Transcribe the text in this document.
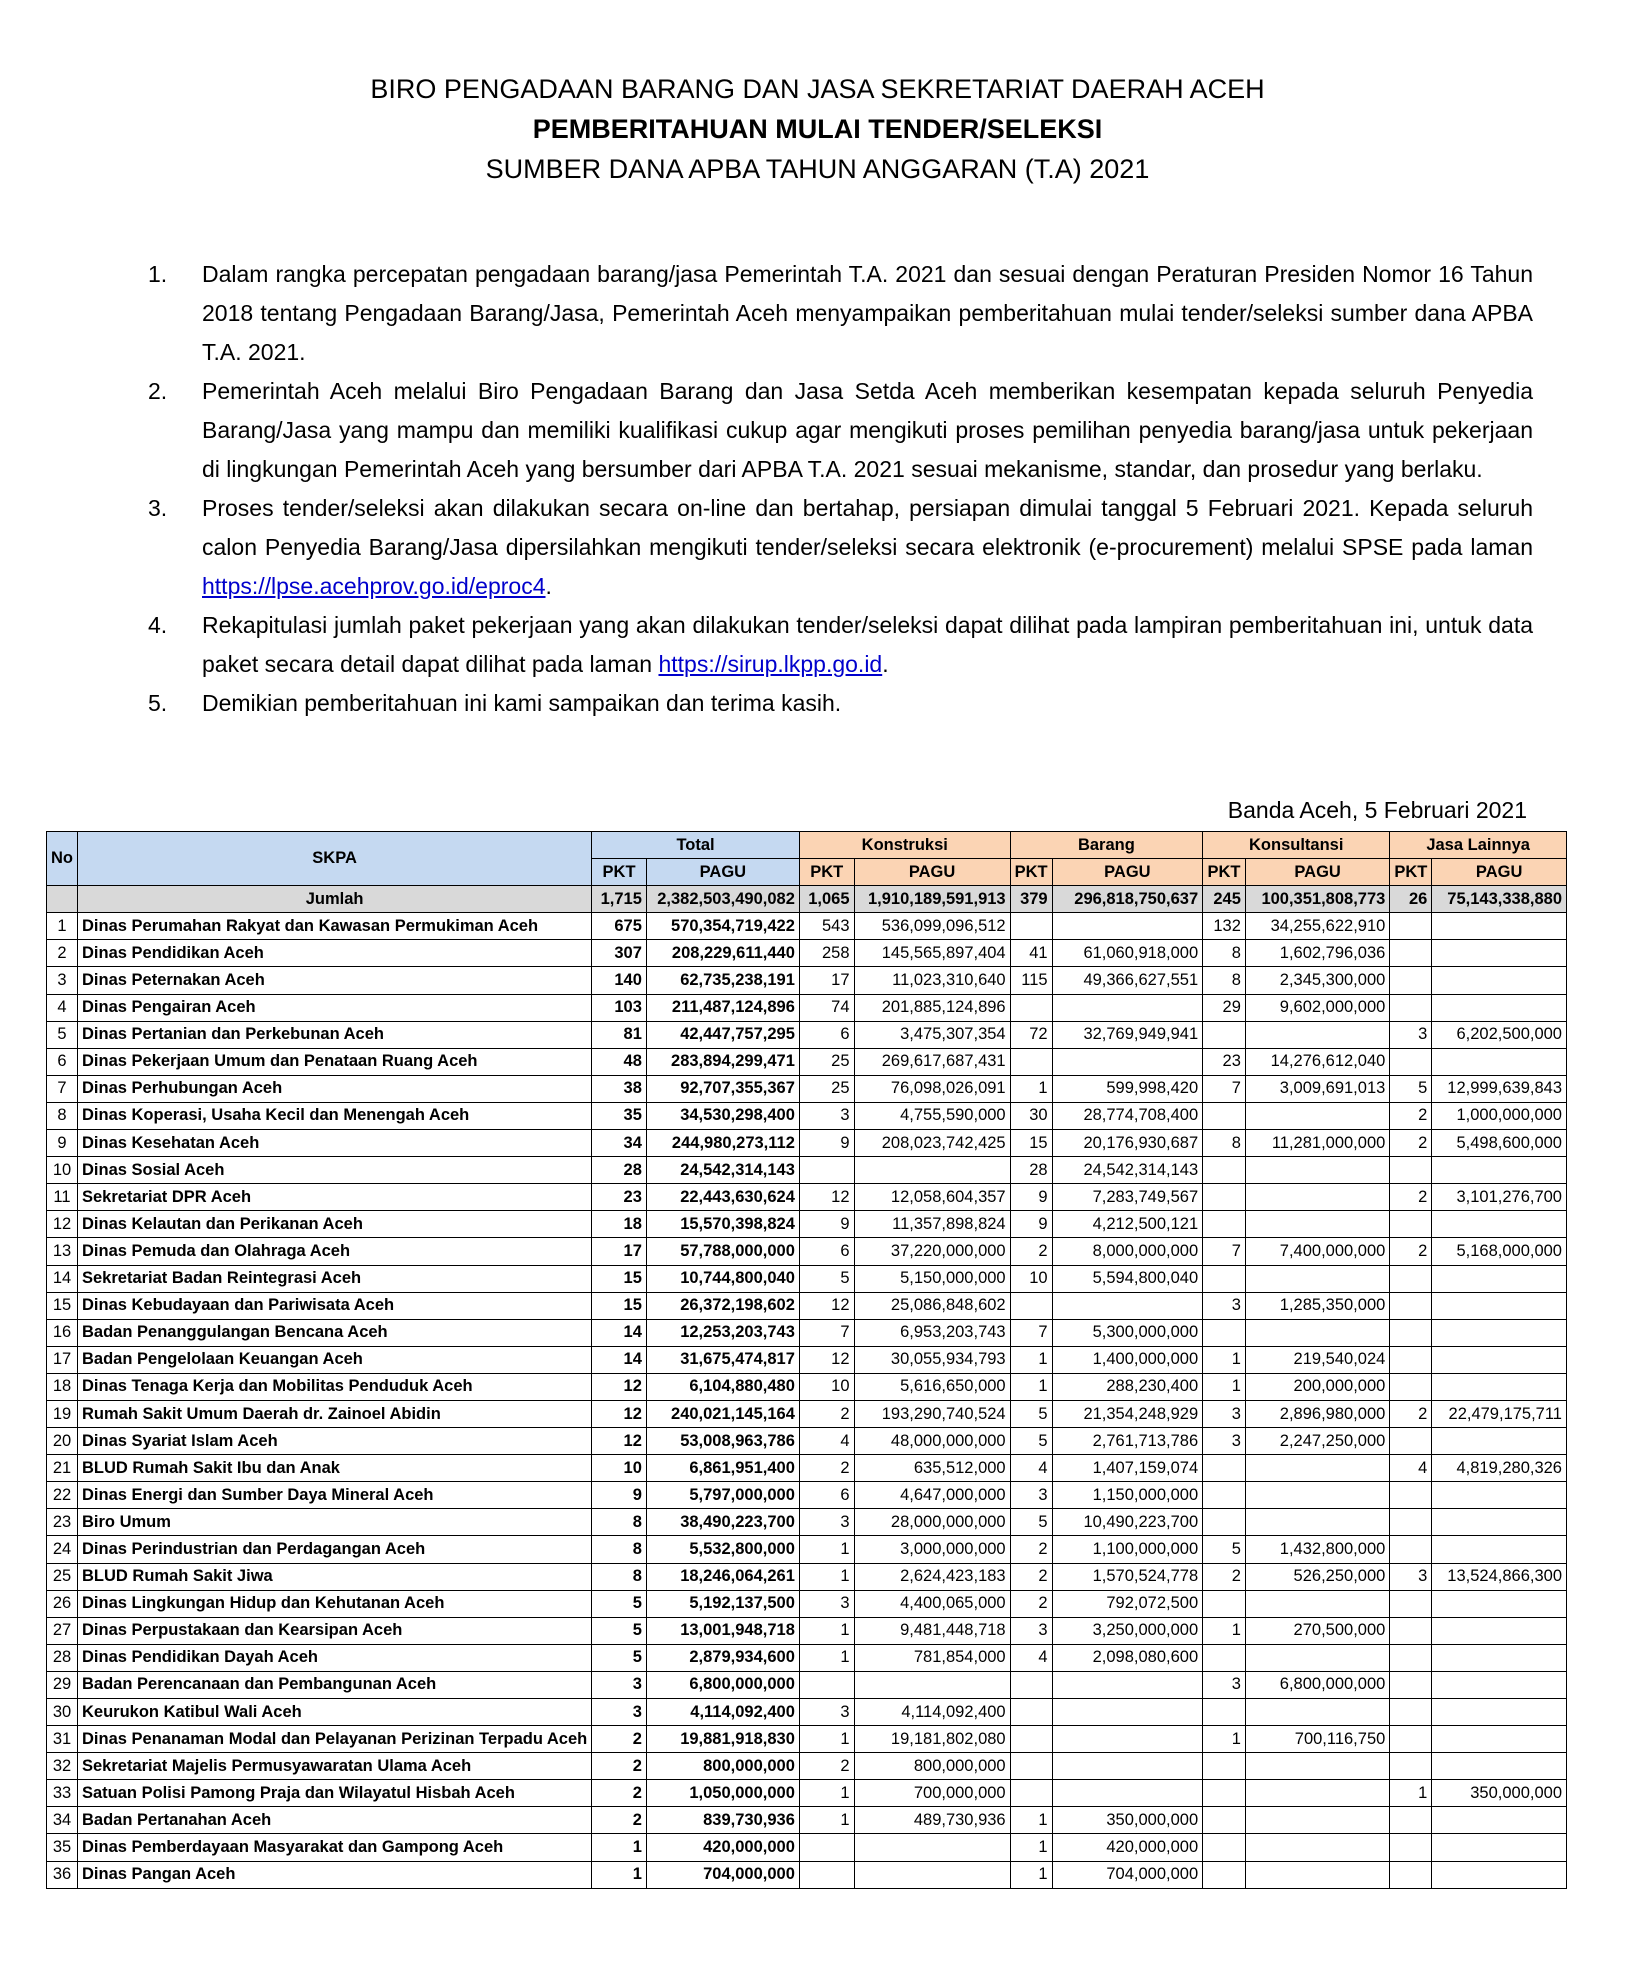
BIRO PENGADAAN BARANG DAN JASA SEKRETARIAT DAERAH ACEH
PEMBERITAHUAN MULAI TENDER/SELEKSI
SUMBER DANA APBA TAHUN ANGGARAN (T.A) 2021
1.	Dalam rangka percepatan pengadaan barang/jasa Pemerintah T.A. 2021 dan sesuai dengan Peraturan Presiden Nomor 16 Tahun 2018 tentang Pengadaan Barang/Jasa, Pemerintah Aceh menyampaikan pemberitahuan mulai tender/seleksi sumber dana APBA T.A. 2021.
2.	Pemerintah Aceh melalui Biro Pengadaan Barang dan Jasa Setda Aceh memberikan kesempatan kepada seluruh Penyedia Barang/Jasa yang mampu dan memiliki kualifikasi cukup agar mengikuti proses pemilihan penyedia barang/jasa untuk pekerjaan di lingkungan Pemerintah Aceh yang bersumber dari APBA T.A. 2021 sesuai mekanisme, standar, dan prosedur yang berlaku.
3.	Proses tender/seleksi akan dilakukan secara on-line dan bertahap, persiapan dimulai tanggal 5 Februari 2021. Kepada seluruh calon Penyedia Barang/Jasa dipersilahkan mengikuti tender/seleksi secara elektronik (e-procurement) melalui SPSE pada laman https://lpse.acehprov.go.id/eproc4.
4.	Rekapitulasi jumlah paket pekerjaan yang akan dilakukan tender/seleksi dapat dilihat pada lampiran pemberitahuan ini, untuk data paket secara detail dapat dilihat pada laman https://sirup.lkpp.go.id.
5.	Demikian pemberitahuan ini kami sampaikan dan terima kasih.
Banda Aceh, 5 Februari 2021
No	SKPA	Total		Konstruksi		Barang		Konsultansi		Jasa Lainnya	
		PKT	PAGU	PKT	PAGU	PKT	PAGU	PKT	PAGU	PKT	PAGU
	Jumlah	1,715	2,382,503,490,082	1,065	1,910,189,591,913	379	296,818,750,637	245	100,351,808,773	26	75,143,338,880
1	Dinas Perumahan Rakyat dan Kawasan Permukiman Aceh	675	570,354,719,422	543	536,099,096,512			132	34,255,622,910		
2	Dinas Pendidikan Aceh	307	208,229,611,440	258	145,565,897,404	41	61,060,918,000	8	1,602,796,036		
3	Dinas Peternakan Aceh	140	62,735,238,191	17	11,023,310,640	115	49,366,627,551	8	2,345,300,000		
4	Dinas Pengairan Aceh	103	211,487,124,896	74	201,885,124,896			29	9,602,000,000		
5	Dinas Pertanian dan Perkebunan Aceh	81	42,447,757,295	6	3,475,307,354	72	32,769,949,941			3	6,202,500,000
6	Dinas Pekerjaan Umum dan Penataan Ruang Aceh	48	283,894,299,471	25	269,617,687,431			23	14,276,612,040		
7	Dinas Perhubungan Aceh	38	92,707,355,367	25	76,098,026,091	1	599,998,420	7	3,009,691,013	5	12,999,639,843
8	Dinas Koperasi, Usaha Kecil dan Menengah Aceh	35	34,530,298,400	3	4,755,590,000	30	28,774,708,400			2	1,000,000,000
9	Dinas Kesehatan Aceh	34	244,980,273,112	9	208,023,742,425	15	20,176,930,687	8	11,281,000,000	2	5,498,600,000
10	Dinas Sosial Aceh	28	24,542,314,143			28	24,542,314,143				
11	Sekretariat DPR Aceh	23	22,443,630,624	12	12,058,604,357	9	7,283,749,567			2	3,101,276,700
12	Dinas Kelautan dan Perikanan Aceh	18	15,570,398,824	9	11,357,898,824	9	4,212,500,121				
13	Dinas Pemuda dan Olahraga Aceh	17	57,788,000,000	6	37,220,000,000	2	8,000,000,000	7	7,400,000,000	2	5,168,000,000
14	Sekretariat Badan Reintegrasi Aceh	15	10,744,800,040	5	5,150,000,000	10	5,594,800,040				
15	Dinas Kebudayaan dan Pariwisata Aceh	15	26,372,198,602	12	25,086,848,602			3	1,285,350,000		
16	Badan Penanggulangan Bencana Aceh	14	12,253,203,743	7	6,953,203,743	7	5,300,000,000				
17	Badan Pengelolaan Keuangan Aceh	14	31,675,474,817	12	30,055,934,793	1	1,400,000,000	1	219,540,024		
18	Dinas Tenaga Kerja dan Mobilitas Penduduk Aceh	12	6,104,880,480	10	5,616,650,000	1	288,230,400	1	200,000,000		
19	Rumah Sakit Umum Daerah dr. Zainoel Abidin	12	240,021,145,164	2	193,290,740,524	5	21,354,248,929	3	2,896,980,000	2	22,479,175,711
20	Dinas Syariat Islam Aceh	12	53,008,963,786	4	48,000,000,000	5	2,761,713,786	3	2,247,250,000		
21	BLUD Rumah Sakit Ibu dan Anak	10	6,861,951,400	2	635,512,000	4	1,407,159,074			4	4,819,280,326
22	Dinas Energi dan Sumber Daya Mineral Aceh	9	5,797,000,000	6	4,647,000,000	3	1,150,000,000				
23	Biro Umum	8	38,490,223,700	3	28,000,000,000	5	10,490,223,700				
24	Dinas Perindustrian dan Perdagangan Aceh	8	5,532,800,000	1	3,000,000,000	2	1,100,000,000	5	1,432,800,000		
25	BLUD Rumah Sakit Jiwa	8	18,246,064,261	1	2,624,423,183	2	1,570,524,778	2	526,250,000	3	13,524,866,300
26	Dinas Lingkungan Hidup dan Kehutanan Aceh	5	5,192,137,500	3	4,400,065,000	2	792,072,500				
27	Dinas Perpustakaan dan Kearsipan Aceh	5	13,001,948,718	1	9,481,448,718	3	3,250,000,000	1	270,500,000		
28	Dinas Pendidikan Dayah Aceh	5	2,879,934,600	1	781,854,000	4	2,098,080,600				
29	Badan Perencanaan dan Pembangunan Aceh	3	6,800,000,000					3	6,800,000,000		
30	Keurukon Katibul Wali Aceh	3	4,114,092,400	3	4,114,092,400						
31	Dinas Penanaman Modal dan Pelayanan Perizinan Terpadu Aceh	2	19,881,918,830	1	19,181,802,080			1	700,116,750		
32	Sekretariat Majelis Permusyawaratan Ulama Aceh	2	800,000,000	2	800,000,000						
33	Satuan Polisi Pamong Praja dan Wilayatul Hisbah Aceh	2	1,050,000,000	1	700,000,000					1	350,000,000
34	Badan Pertanahan Aceh	2	839,730,936	1	489,730,936	1	350,000,000				
35	Dinas Pemberdayaan Masyarakat dan Gampong Aceh	1	420,000,000			1	420,000,000				
36	Dinas Pangan Aceh	1	704,000,000			1	704,000,000				
